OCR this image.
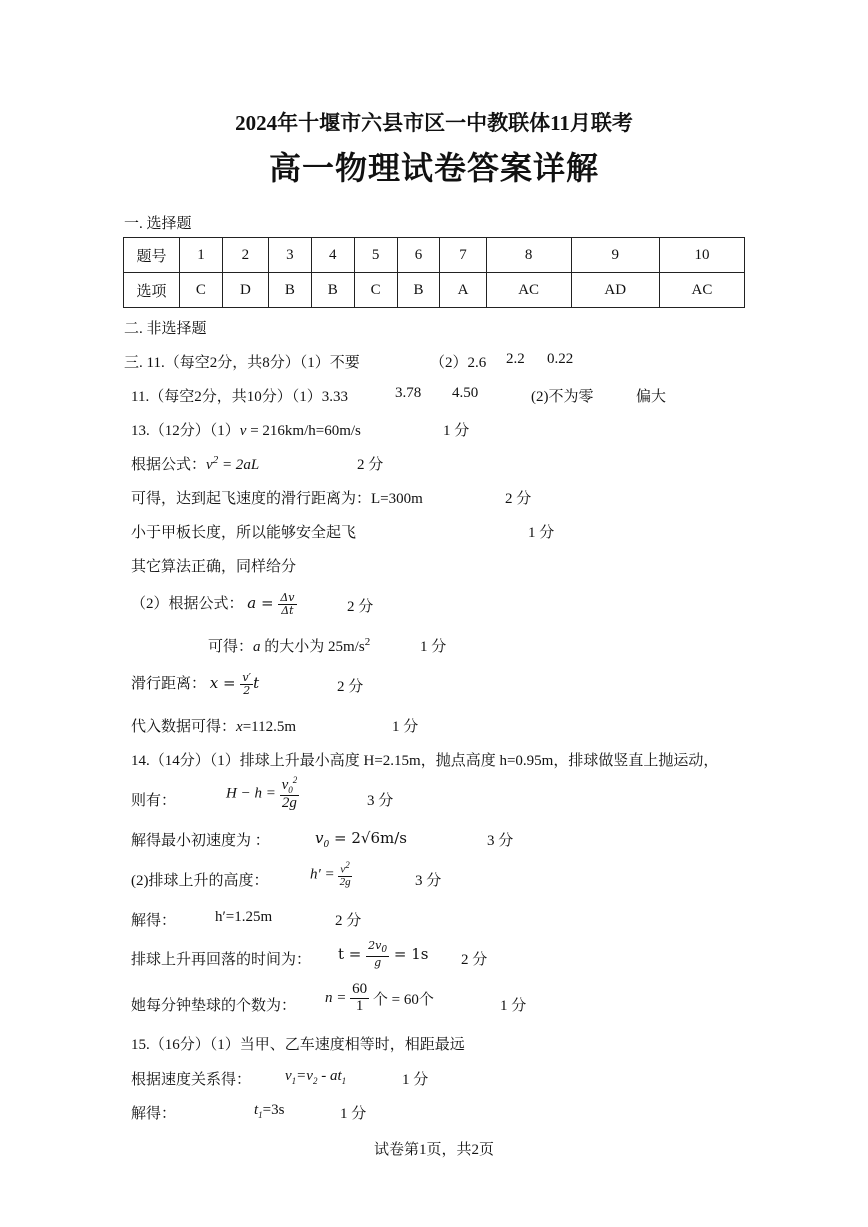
2024年十堰市六县市区一中教联体11月联考
高一物理试卷答案详解
一. 选择题
题号	1	2	3	4	5	6	7	8	9	10
选项	C	D	B	B	C	B	A	AC	AD	AC
二. 非选择题
三. 11.（每空2分，共8分）（1）不要	（2）2.6 2.2 0.22
11.（每空2分，共10分）（1）3.33	3.78 4.50	(2)不为零	偏大
13.（12分）（1）v = 216km/h=60m/s	1 分
根据公式：$v^2 = 2aL$	2 分
可得，达到起飞速度的滑行距离为：L=300m	2 分
小于甲板长度，所以能够安全起飞	1 分
其它算法正确，同样给分
（2）根据公式： $a = \frac{\Delta v}{\Delta t}$	2 分
可得：a 的大小为 $25m/s^2$	1 分
滑行距离： $x = \frac{v'}{2}$ t	2 分
代入数据可得：x=112.5m	1 分
14.（14分）（1）排球上升最小高度 H=2.15m，抛点高度 h=0.95m，排球做竖直上抛运动，
则有：	$H - h = \frac{v_0^2}{2g}$	3 分
解得最小初速度为 ：	$v_0 = 2√6m/s$	3 分
(2)排球上升的高度：	$h' = \frac{v^2}{2g}$	3 分
解得：	h′=1.25m	2 分
排球上升再回落的时间为： $t = \frac{2v_0}{g} = 1s$ 2 分
她每分钟垫球的个数为：
$n = \frac{60}{1}$ 个 = 60个	1 分
15.（16分）（1）当甲、乙车速度相等时，相距最远
根据速度关系得： $v_1=v_2 - at_1$	1 分
解得：	$t_1=3s$	1 分
试卷第1页，共2页
